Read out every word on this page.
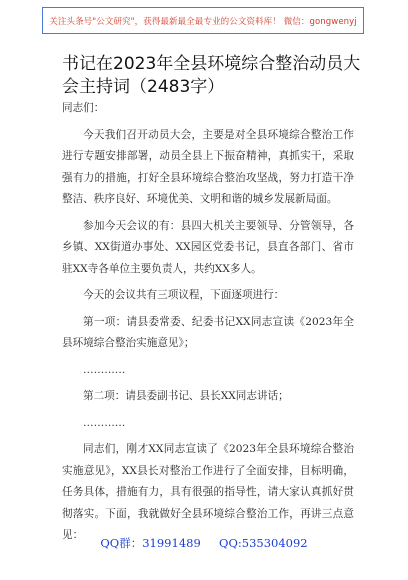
关注头条号"公文研究"，获得最新最全最专业的公文资料库！ 微信：gongwenyj
书记在2023年全县环境综合整治动员大会主持词（2483字）

同志们：

今天我们召开动员大会，主要是对全县环境综合整治工作进行专题安排部署，动员全县上下振奋精神，真抓实干，采取强有力的措施，打好全县环境综合整治攻坚战，努力打造干净整洁、秩序良好、环境优美、文明和谐的城乡发展新局面。

参加今天会议的有：县四大机关主要领导、分管领导，各乡镇、XX街道办事处、XX园区党委书记，县直各部门、省市驻XX寺各单位主要负责人，共约XX多人。

今天的会议共有三项议程，下面逐项进行：

第一项：请县委常委、纪委书记XX同志宣读《2023年全县环境综合整治实施意见》；

…………

第二项：请县委副书记、县长XX同志讲话；

…………

同志们，刚才XX同志宣读了《2023年全县环境综合整治实施意见》，XX县长对整治工作进行了全面安排，目标明确，任务具体，措施有力，具有很强的指导性，请大家认真抓好贯彻落实。下面，我就做好全县环境综合整治工作，再讲三点意见：

QQ群：31991489     QQ:535304092
